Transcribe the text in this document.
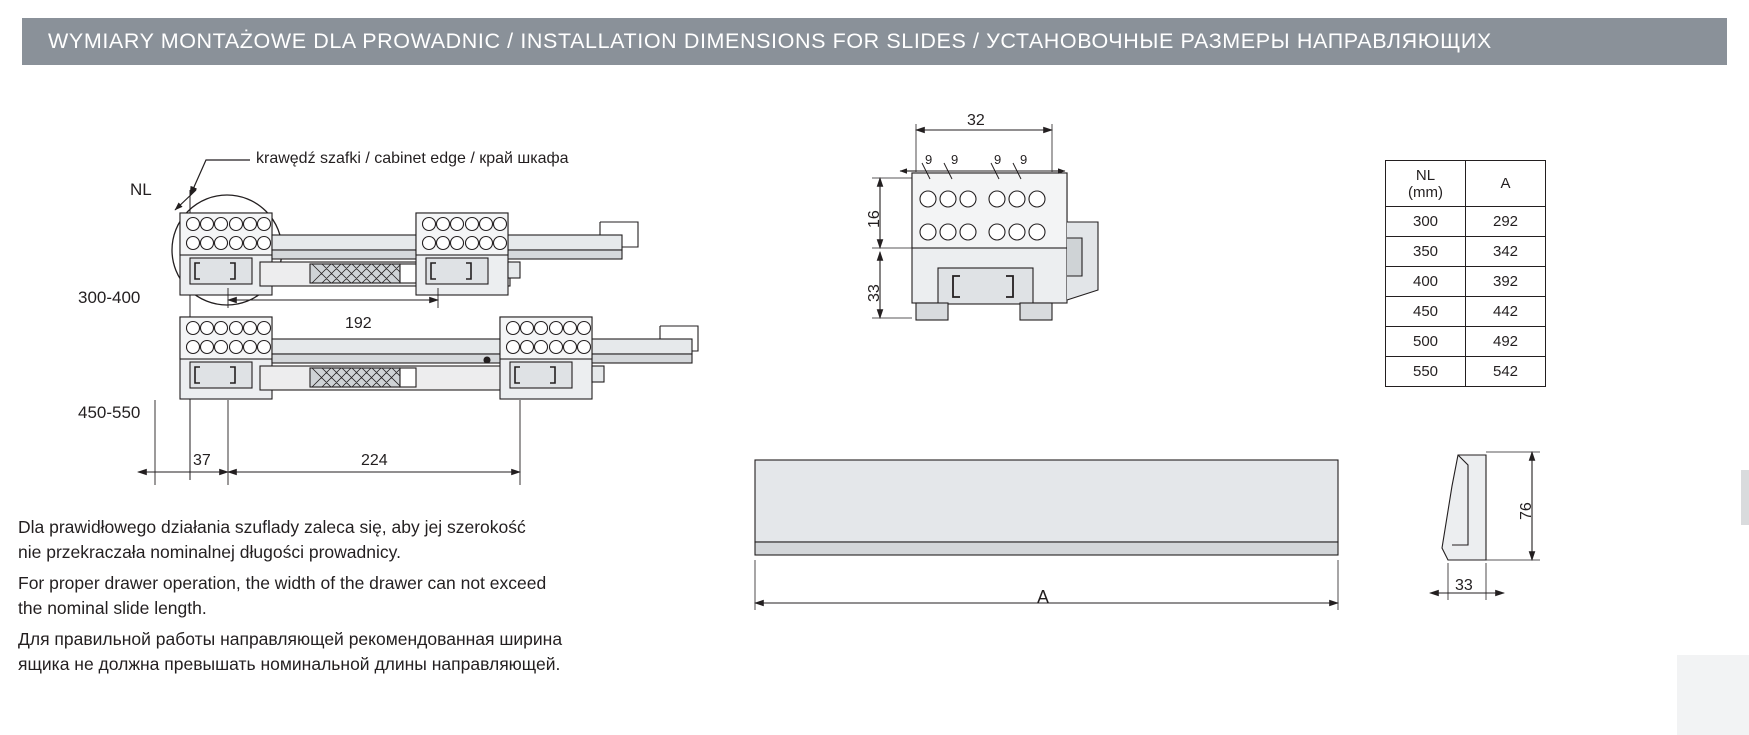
WYMIARY MONTAŻOWE DLA PROWADNIC / INSTALLATION DIMENSIONS FOR SLIDES / УСТАНОВОЧНЫЕ РАЗМЕРЫ НАПРАВЛЯЮЩИХ
krawędź szafki / cabinet edge / край шкафа
NL
300-400
450-550
192
37	224
32
9 9	9 9
16
33
A
76
33
NL
(mm)	A
300	292
350	342
400	392
450	442
500	492
550	542

Dla prawidłowego działania szuflady zaleca się, aby jej szerokość
nie przekraczała nominalnej długości prowadnicy.

For proper drawer operation, the width of the drawer can not exceed
the nominal slide length.

Для правильной работы направляющей рекомендованная ширина
ящика не должна превышать номинальной длины направляющей.
